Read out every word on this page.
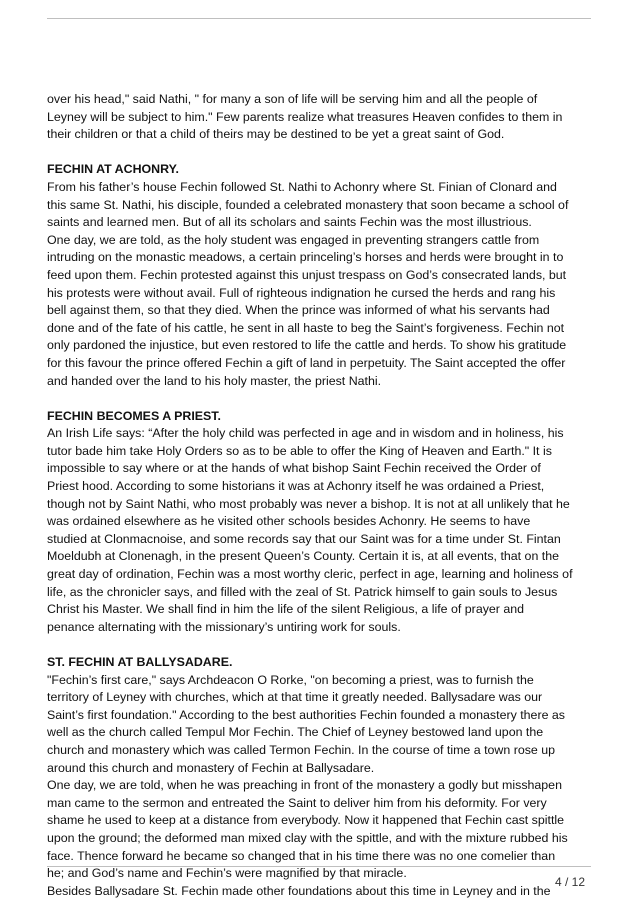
over his head," said Nathi, " for many a son of life will be serving him and all the people of

Leyney will be subject to him." Few parents realize what treasures Heaven confides to them in

their children or that a child of theirs may be destined to be yet a great saint of God.

FECHIN AT ACHONRY.

From his father’s house Fechin followed St. Nathi to Achonry where St. Finian of Clonard and

this same St. Nathi, his disciple, founded a celebrated monastery that soon became a school of

saints and learned men. But of all its scholars and saints Fechin was the most illustrious.

One day, we are told, as the holy student was engaged in preventing strangers cattle from

intruding on the monastic meadows, a certain princeling’s horses and herds were brought in to

feed upon them. Fechin protested against this unjust trespass on God’s consecrated lands, but

his protests were without avail. Full of righteous indignation he cursed the herds and rang his

bell against them, so that they died. When the prince was informed of what his servants had

done and of the fate of his cattle, he sent in all haste to beg the Saint’s forgiveness. Fechin not

only pardoned the injustice, but even restored to life the cattle and herds. To show his gratitude

for this favour the prince offered Fechin a gift of land in perpetuity. The Saint accepted the offer

and handed over the land to his holy master, the priest Nathi.

FECHIN BECOMES A PRIEST.

An Irish Life says: “After the holy child was perfected in age and in wisdom and in holiness, his

tutor bade him take Holy Orders so as to be able to offer the King of Heaven and Earth." It is

impossible to say where or at the hands of what bishop Saint Fechin received the Order of

Priest hood. According to some historians it was at Achonry itself he was ordained a Priest,

though not by Saint Nathi, who most probably was never a bishop. It is not at all unlikely that he

was ordained elsewhere as he visited other schools besides Achonry. He seems to have

studied at Clonmacnoise, and some records say that our Saint was for a time under St. Fintan

Moeldubh at Clonenagh, in the present Queen’s County. Certain it is, at all events, that on the

great day of ordination, Fechin was a most worthy cleric, perfect in age, learning and holiness of

life, as the chronicler says, and filled with the zeal of St. Patrick himself to gain souls to Jesus

Christ his Master. We shall find in him the life of the silent Religious, a life of prayer and

penance alternating with the missionary’s untiring work for souls.

ST. FECHIN AT BALLYSADARE.

"Fechin’s first care," says Archdeacon O Rorke, "on becoming a priest, was to furnish the

territory of Leyney with churches, which at that time it greatly needed. Ballysadare was our

Saint’s first foundation." According to the best authorities Fechin founded a monastery there as

well as the church called Tempul Mor Fechin. The Chief of Leyney bestowed land upon the

church and monastery which was called Termon Fechin. In the course of time a town rose up

around this church and monastery of Fechin at Ballysadare.

One day, we are told, when he was preaching in front of the monastery a godly but misshapen

man came to the sermon and entreated the Saint to deliver him from his deformity. For very

shame he used to keep at a distance from everybody. Now it happened that Fechin cast spittle

upon the ground; the deformed man mixed clay with the spittle, and with the mixture rubbed his

face. Thence forward he became so changed that in his time there was no one comelier than

he; and God’s name and Fechin’s were magnified by that miracle.

Besides Ballysadare St. Fechin made other foundations about this time in Leyney and in the

4 / 12
